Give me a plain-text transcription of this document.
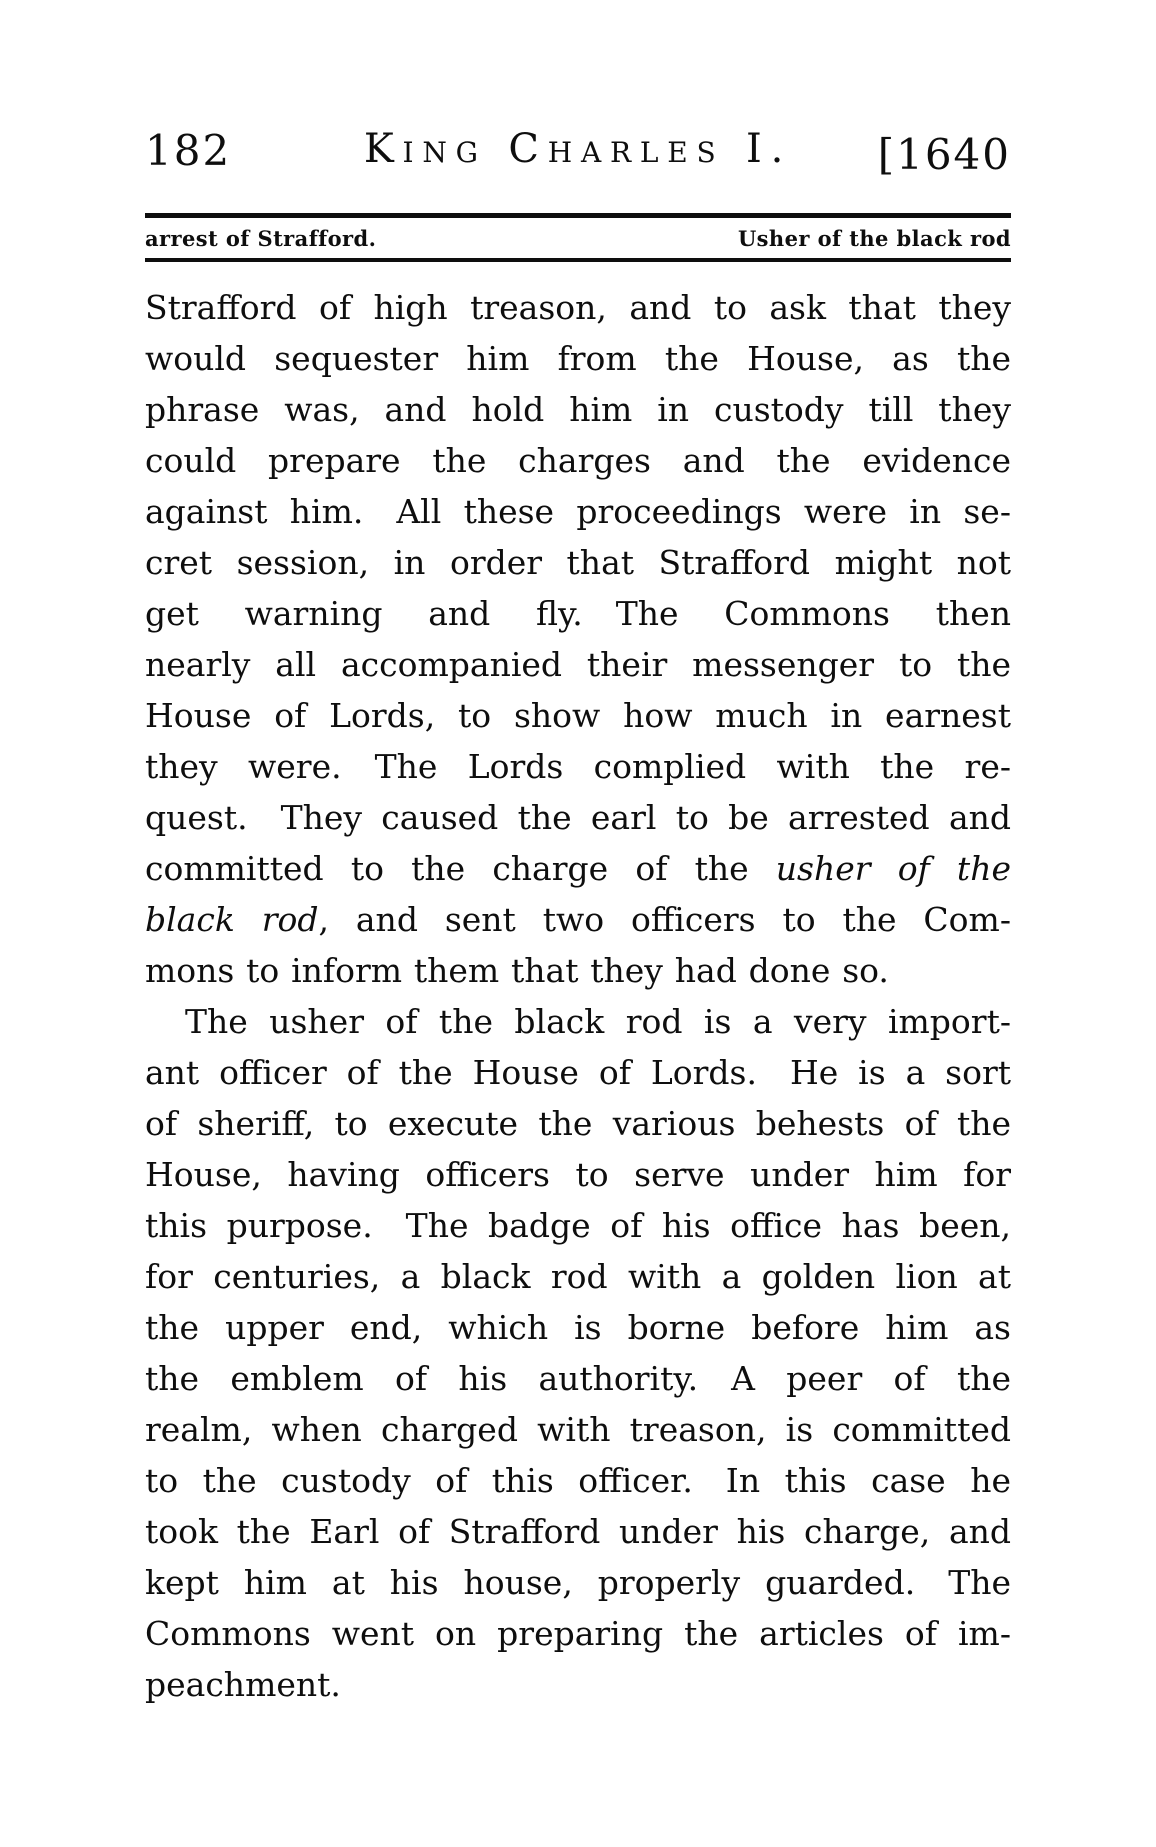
182	King Charles I.	[1640
arrest of Strafford.	Usher of the black rod
Strafford of high treason, and to ask that they
would sequester him from the House, as the
phrase was, and hold him in custody till they
could prepare the charges and the evidence
against him.  All these proceedings were in se-
cret session, in order that Strafford might not
get warning and fly.  The Commons then
nearly all accompanied their messenger to the
House of Lords, to show how much in earnest
they were.  The Lords complied with the re-
quest.  They caused the earl to be arrested and
committed to the charge of the usher of the
black rod, and sent two officers to the Com-
mons to inform them that they had done so.
The usher of the black rod is a very import-
ant officer of the House of Lords.  He is a sort
of sheriff, to execute the various behests of the
House, having officers to serve under him for
this purpose.  The badge of his office has been,
for centuries, a black rod with a golden lion at
the upper end, which is borne before him as
the emblem of his authority.  A peer of the
realm, when charged with treason, is committed
to the custody of this officer.  In this case he
took the Earl of Strafford under his charge, and
kept him at his house, properly guarded.  The
Commons went on preparing the articles of im-
peachment.
